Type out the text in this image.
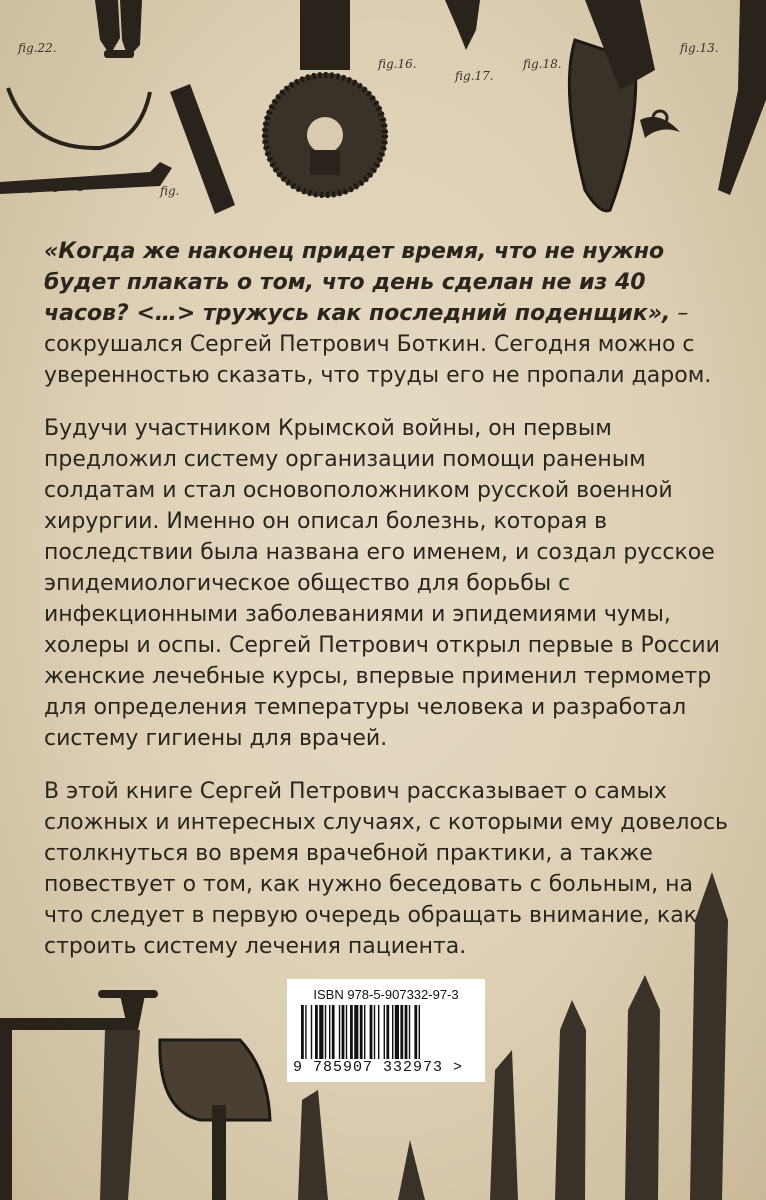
fig.22.
fig.
fig.16.
fig.17.
fig.18.
fig.13.

«Когда же наконец придет время, что не нужно будет плакать о том, что день сделан не из 40 часов? <…> тружусь как последний поденщик», – сокрушался Сергей Петрович Боткин. Сегодня можно с уверенностью сказать, что труды его не пропали даром.

Будучи участником Крымской войны, он первым предложил систему организации помощи раненым солдатам и стал основоположником русской военной хирургии. Именно он описал болезнь, которая в последствии была названа его именем, и создал русское эпидемиологическое общество для борьбы с инфекционными заболеваниями и эпидемиями чумы, холеры и оспы. Сергей Петрович открыл первые в России женские лечебные курсы, впервые применил термометр для определения температуры человека и разработал систему гигиены для врачей.

В этой книге Сергей Петрович рассказывает о самых сложных и интересных случаях, с которыми ему довелось столкнуться во время врачебной практики, а также повествует о том, как нужно беседовать с больным, на что следует в первую очередь обращать внимание, как строить систему лечения пациента.

ISBN 978-5-907332-97-3
9 785907 332973 >
